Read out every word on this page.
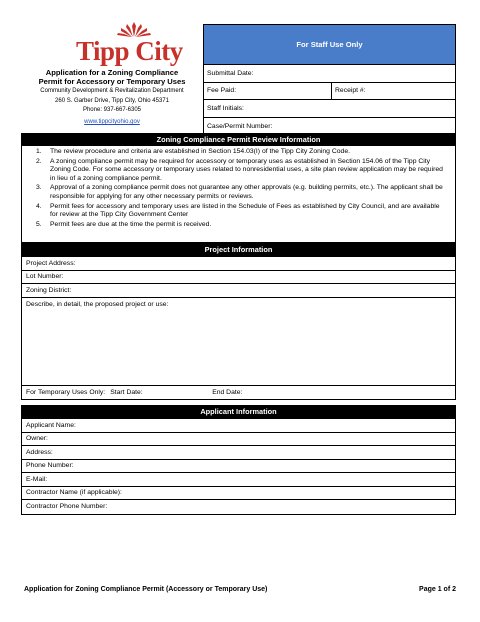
Tipp City
Application for a Zoning Compliance
Permit for Accessory or Temporary Uses
Community Development & Revitalization Department
260 S. Garber Drive, Tipp City, Ohio 45371
Phone: 937-667-6305
www.tippcityohio.gov
For Staff Use Only
Submittal Date:
Fee Paid:	Receipt #:
Staff Initials:
Case/Permit Number:
Zoning Compliance Permit Review Information
1.	The review procedure and criteria are established in Section 154.03(I) of the Tipp City Zoning Code.
2.	A zoning compliance permit may be required for accessory or temporary uses as established in Section 154.06 of the Tipp City Zoning Code. For some accessory or temporary uses related to nonresidential uses, a site plan review application may be required in lieu of a zoning compliance permit.
3.	Approval of a zoning compliance permit does not guarantee any other approvals (e.g. building permits, etc.). The applicant shall be responsible for applying for any other necessary permits or reviews.
4.	Permit fees for accessory and temporary uses are listed in the Schedule of Fees as established by City Council, and are available for review at the Tipp City Government Center
5.	Permit fees are due at the time the permit is received.
Project Information
Project Address:
Lot Number:
Zoning District:
Describe, in detail, the proposed project or use:
For Temporary Uses Only: Start Date:	End Date:
Applicant Information
Applicant Name:
Owner:
Address:
Phone Number:
E-Mail:
Contractor Name (if applicable):
Contractor Phone Number:
Application for Zoning Compliance Permit (Accessory or Temporary Use)	Page 1 of 2
